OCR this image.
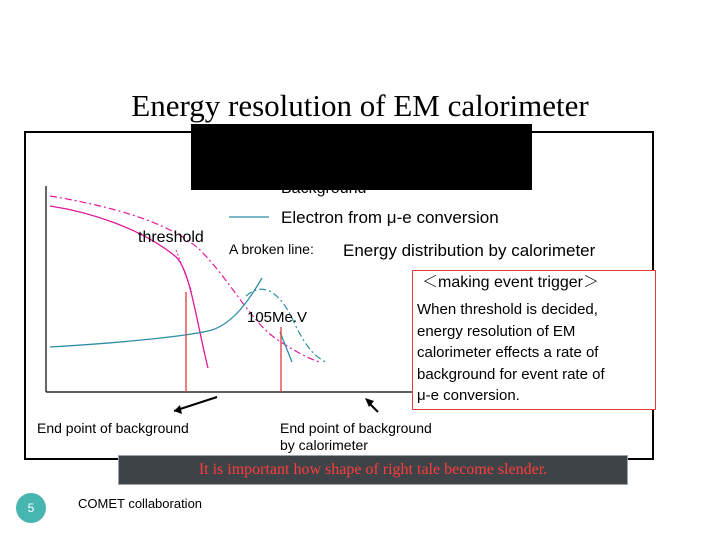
Energy resolution of EM calorimeter
Background
Electron from μ-e conversion
A broken line: Energy distribution by calorimeter
threshold
105Me.V
End point of background	End point of background
by calorimeter
＜making event trigger＞
When threshold is decided,
energy resolution of EM
calorimeter effects a rate of
background for event rate of
μ-e conversion.
It is important how shape of right tale become slender.
5	COMET collaboration
